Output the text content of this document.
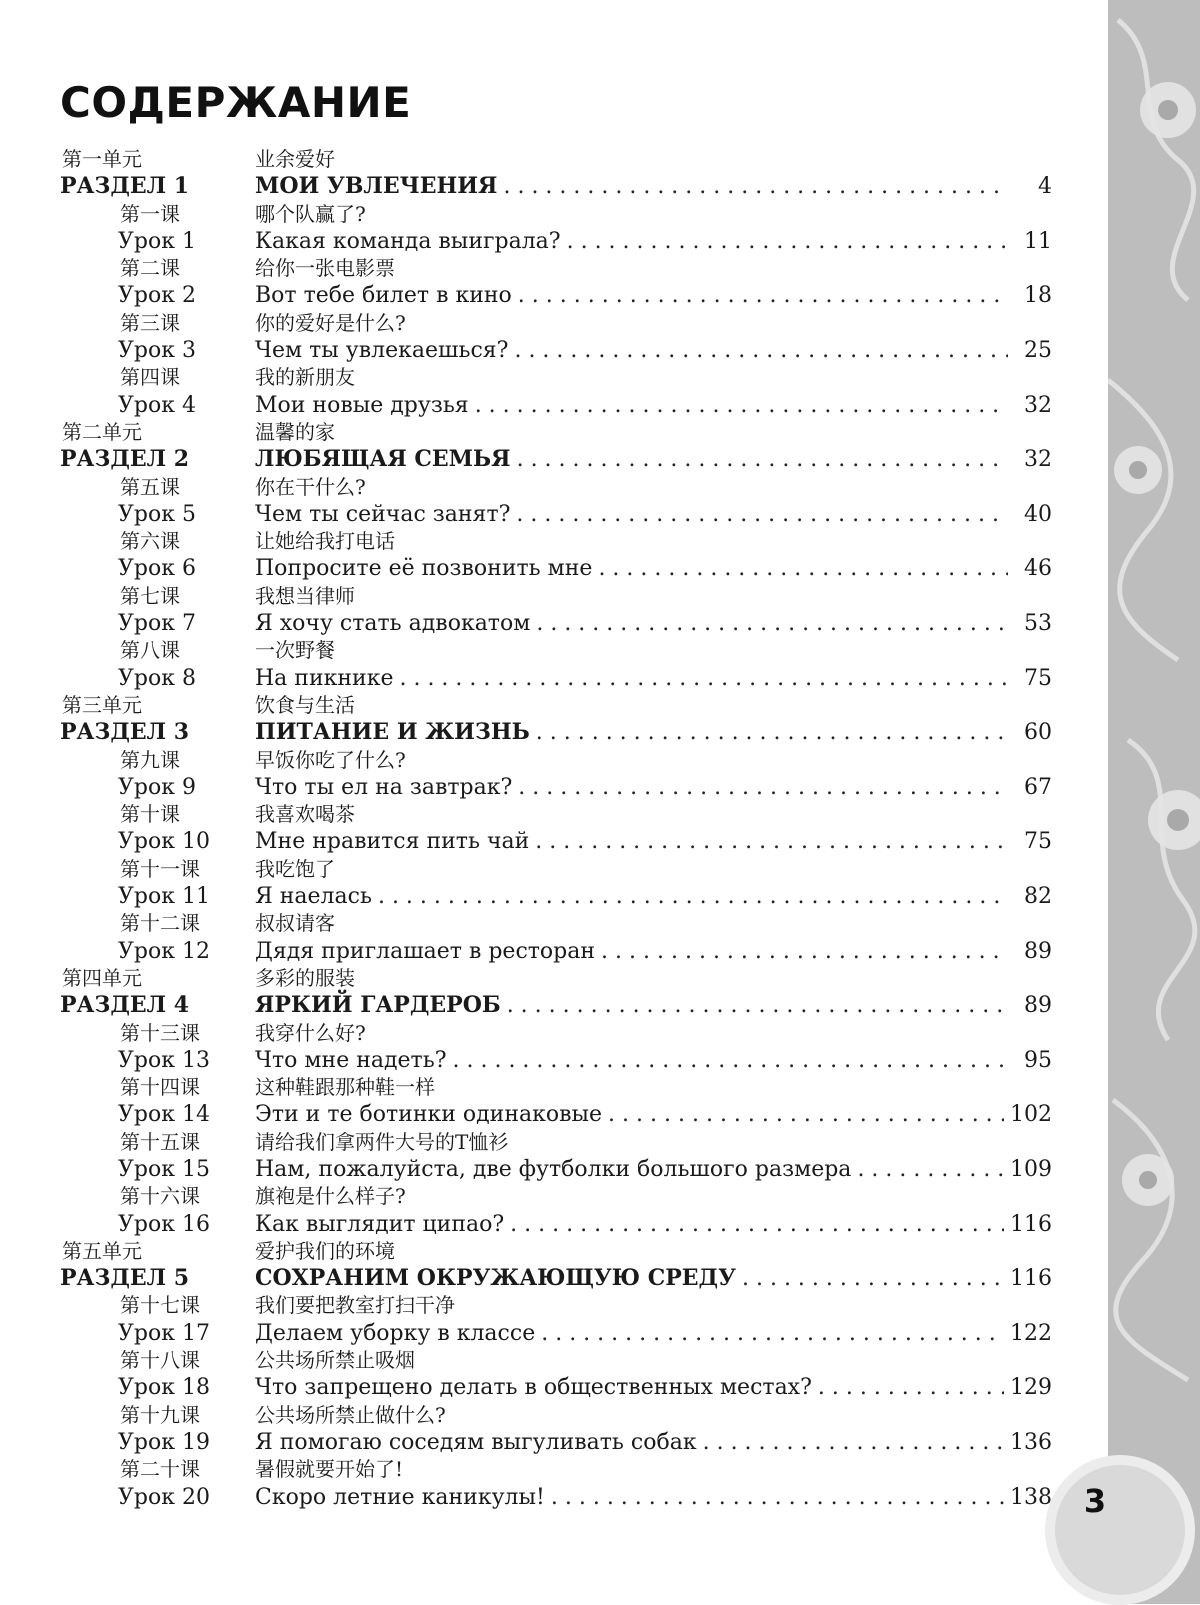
3
СОДЕРЖАНИЕ
第一单元	业余爱好
РАЗДЕЛ 1	МОИ УВЛЕЧЕНИЯ . . .	4
第一课	哪个队赢了?
Урок 1	Какая команда выиграла? . . .	11
第二课	给你一张电影票
Урок 2	Вот тебе билет в кино . . .	18
第三课	你的爱好是什么?
Урок 3	Чем ты увлекаешься? . . .	25
第四课	我的新朋友
Урок 4	Мои новые друзья . . .	32
第二单元	温馨的家
РАЗДЕЛ 2	ЛЮБЯЩАЯ СЕМЬЯ . . .	32
第五课	你在干什么?
Урок 5	Чем ты сейчас занят? . . .	40
第六课	让她给我打电话
Урок 6	Попросите её позвонить мне . . .	46
第七课	我想当律师
Урок 7	Я хочу стать адвокатом . . .	53
第八课	一次野餐
Урок 8	На пикнике . . .	75
第三单元	饮食与生活
РАЗДЕЛ 3	ПИТАНИЕ И ЖИЗНЬ . . .	60
第九课	早饭你吃了什么?
Урок 9	Что ты ел на завтрак? . . .	67
第十课	我喜欢喝茶
Урок 10 Мне нравится пить чай . . .	75
第十一课	我吃饱了
Урок 11 Я наелась . . .	82
第十二课	叔叔请客
Урок 12 Дядя приглашает в ресторан . . .	89
第四单元	多彩的服装
РАЗДЕЛ 4	ЯРКИЙ ГАРДЕРОБ . . .	89
第十三课	我穿什么好?
Урок 13 Что мне надеть? . . .	95
第十四课	这种鞋跟那种鞋一样
Урок 14 Эти и те ботинки одинаковые . . .	102
第十五课	请给我们拿两件大号的T恤衫
Урок 15 Нам, пожалуйста, две футболки большого размера . . .	109
第十六课	旗袍是什么样子?
Урок 16 Как выглядит ципао? . . .	116
第五单元	爱护我们的环境
РАЗДЕЛ 5	СОХРАНИМ ОКРУЖАЮЩУЮ СРЕДУ . . .	116
第十七课	我们要把教室打扫干净
Урок 17 Делаем уборку в классе . . .	122
第十八课	公共场所禁止吸烟
Урок 18 Что запрещено делать в общественных местах? . . .	129
第十九课	公共场所禁止做什么?
Урок 19 Я помогаю соседям выгуливать собак . . .	136
第二十课	暑假就要开始了!
Урок 20 Скоро летние каникулы! . . .	138
